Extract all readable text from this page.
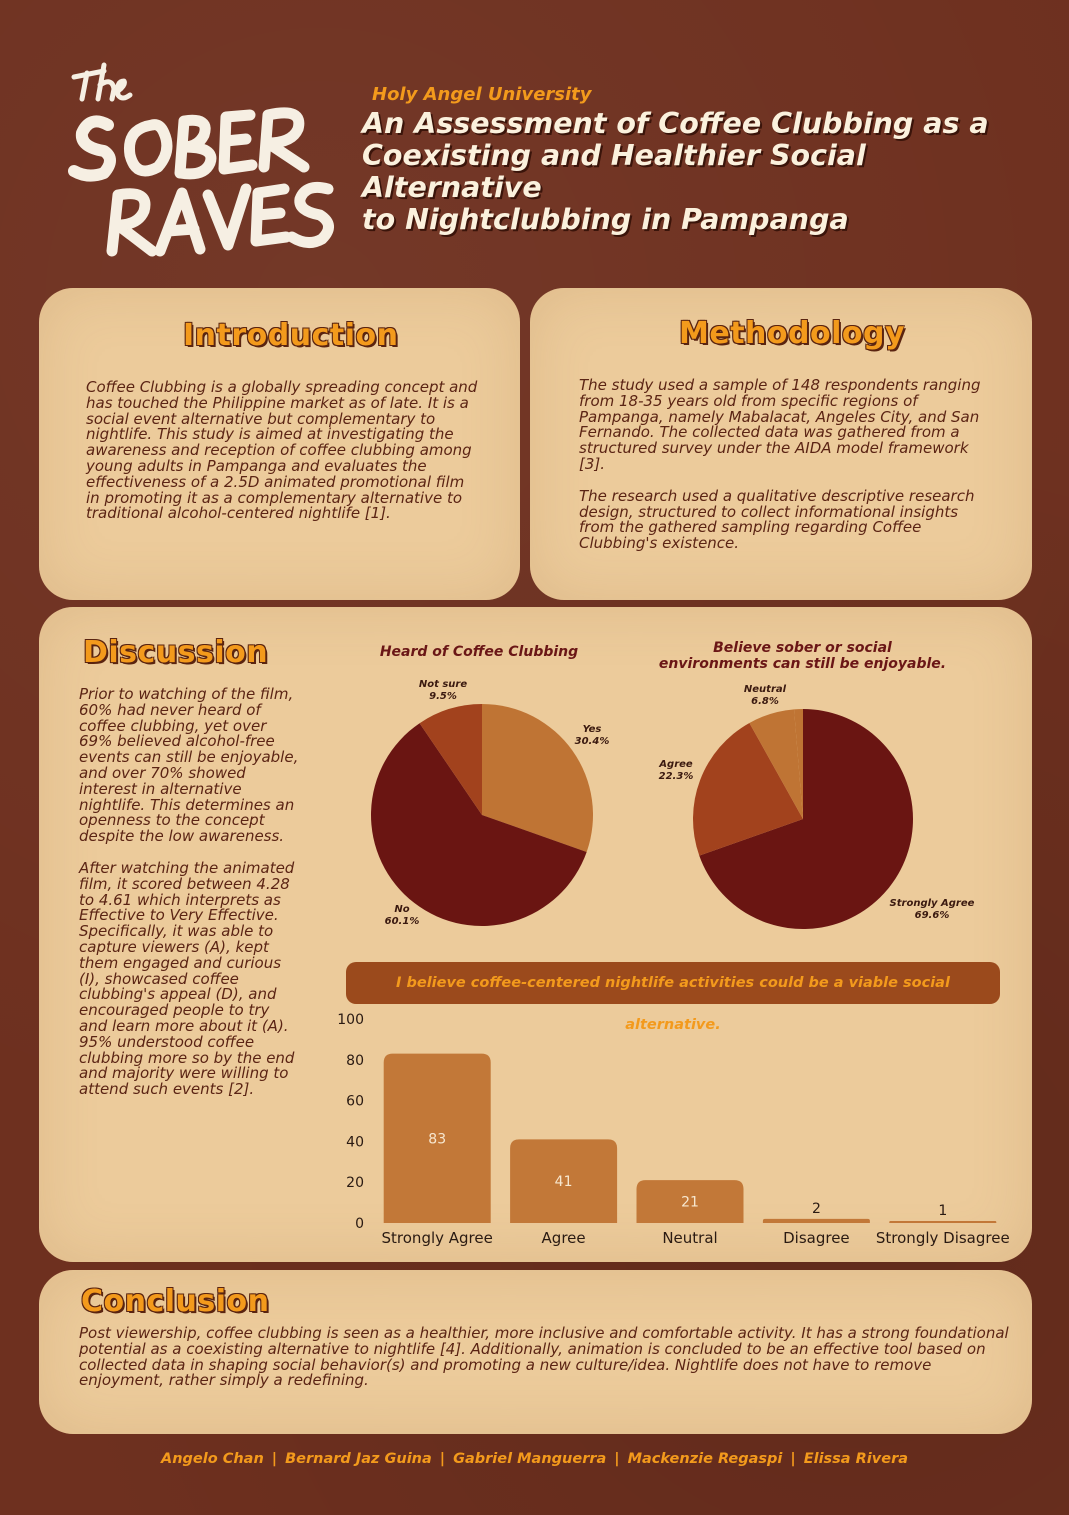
Holy Angel University
An Assessment of Coffee Clubbing as a
Coexisting and Healthier Social Alternative
to Nightclubbing in Pampanga
Introduction
Coffee Clubbing is a globally spreading concept and has touched the Philippine market as of late. It is a social event alternative but complementary to nightlife. This study is aimed at investigating the awareness and reception of coffee clubbing among young adults in Pampanga and evaluates the effectiveness of a 2.5D animated promotional film in promoting it as a complementary alternative to traditional alcohol-centered nightlife [1].
Methodology

The study used a sample of 148 respondents ranging from 18-35 years old from specific regions of Pampanga, namely Mabalacat, Angeles City, and San Fernando. The collected data was gathered from a structured survey under the AIDA model framework [3].

The research used a qualitative descriptive research design, structured to collect informational insights from the gathered sampling regarding Coffee Clubbing's existence.

Discussion

Prior to watching of the film, 60% had never heard of coffee clubbing, yet over 69% believed alcohol-free events can still be enjoyable, and over 70% showed interest in alternative nightlife. This determines an openness to the concept despite the low awareness.

After watching the animated film, it scored between 4.28 to 4.61 which interprets as Effective to Very Effective. Specifically, it was able to capture viewers (A), kept them engaged and curious (I), showcased coffee clubbing's appeal (D), and encouraged people to try and learn more about it (A). 95% understood coffee clubbing more so by the end and majority were willing to attend such events [2].

Heard of Coffee Clubbing
Yes
30.4%
No
60.1%
Not sure
9.5%
Believe sober or social
environments can still be enjoyable.
Strongly Agree
69.6%
Agree
22.3%
Neutral
6.8%
I believe coffee-centered nightlife activities could be a viable social alternative.
0
20
40
60
80
100
83
Strongly Agree
41
Agree
21
Neutral
2
Disagree
1
Strongly Disagree
Conclusion
Post viewership, coffee clubbing is seen as a healthier, more inclusive and comfortable activity. It has a strong foundational potential as a coexisting alternative to nightlife [4]. Additionally, animation is concluded to be an effective tool based on collected data in shaping social behavior(s) and promoting a new culture/idea. Nightlife does not have to remove enjoyment, rather simply a redefining.
Angelo Chan | Bernard Jaz Guina | Gabriel Manguerra | Mackenzie Regaspi | Elissa Rivera
